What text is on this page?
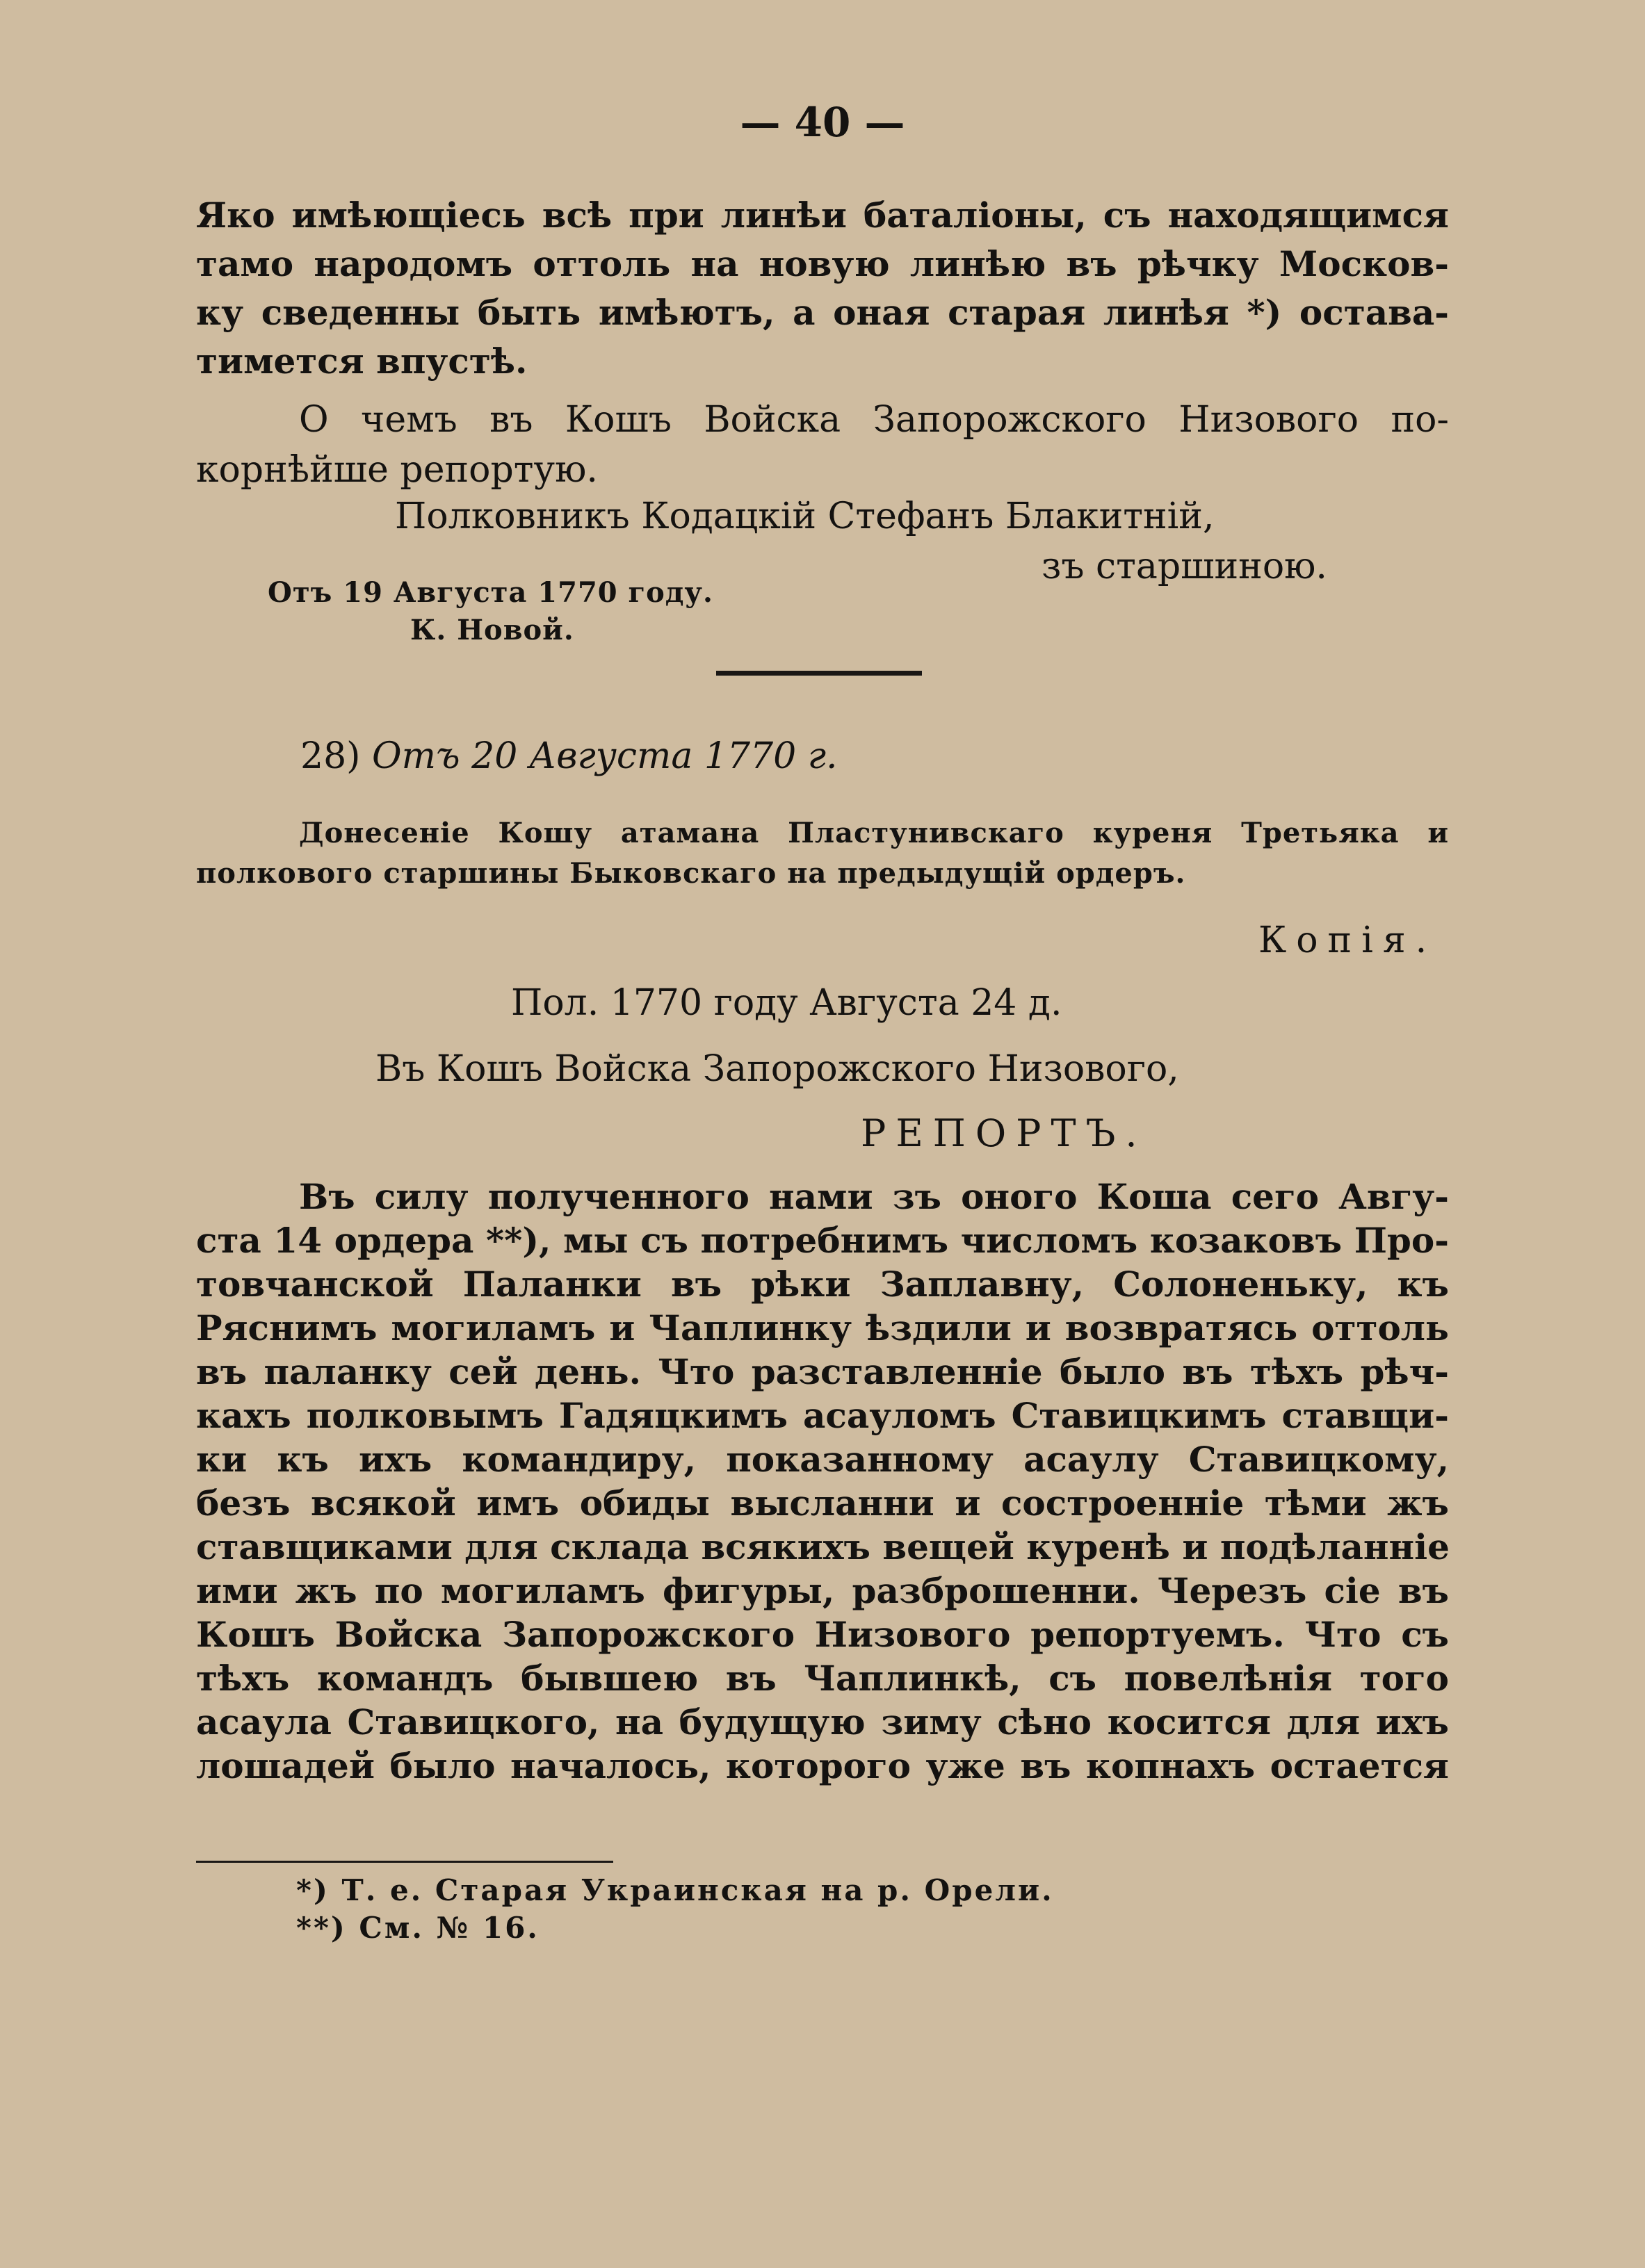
— 40 —
Яко имѣющіесь всѣ при линѣи баталіоны, съ находящимся
тамо народомъ оттоль на новую линѣю въ рѣчку Москов-
ку сведенны быть имѣютъ, а оная старая линѣя *) остава-
тимется впустѣ.
О чемъ въ Кошъ Войска Запорожского Низового по-
корнѣйше репортую.
Полковникъ Кодацкій Стефанъ Блакитній,
зъ старшиною.
Отъ 19 Августа 1770 году.
К. Новой.
28) Отъ 20 Августа 1770 г.
Донесеніе Кошу атамана Пластунивскаго куреня Третьяка и
полкового старшины Быковскаго на предыдущій ордеръ.
Копія.
Пол. 1770 году Августа 24 д.
Въ Кошъ Войска Запорожского Низового,
РЕПОРТЪ.
Въ силу полученного нами зъ оного Коша сего Авгу-
ста 14 ордера **), мы съ потребнимъ числомъ козаковъ Про-
товчанской Паланки въ рѣки Заплавну, Солоненьку, къ
Ряснимъ могиламъ и Чаплинку ѣздили и возвратясь оттоль
въ паланку сей день. Что разставленніе было въ тѣхъ рѣч-
кахъ полковымъ Гадяцкимъ асауломъ Ставицкимъ ставщи-
ки къ ихъ командиру, показанному асаулу Ставицкому,
безъ всякой имъ обиды высланни и состроенніе тѣми жъ
ставщиками для склада всякихъ вещей куренѣ и подѣланніе
ими жъ по могиламъ фигуры, разброшенни. Черезъ сіе въ
Кошъ Войска Запорожского Низового репортуемъ. Что съ
тѣхъ командъ бывшею въ Чаплинкѣ, съ повелѣнія того
асаула Ставицкого, на будущую зиму сѣно косится для ихъ
лошадей было началось, которого уже въ копнахъ остается
*) Т. е. Старая Украинская на р. Орели.
**) См. № 16.
